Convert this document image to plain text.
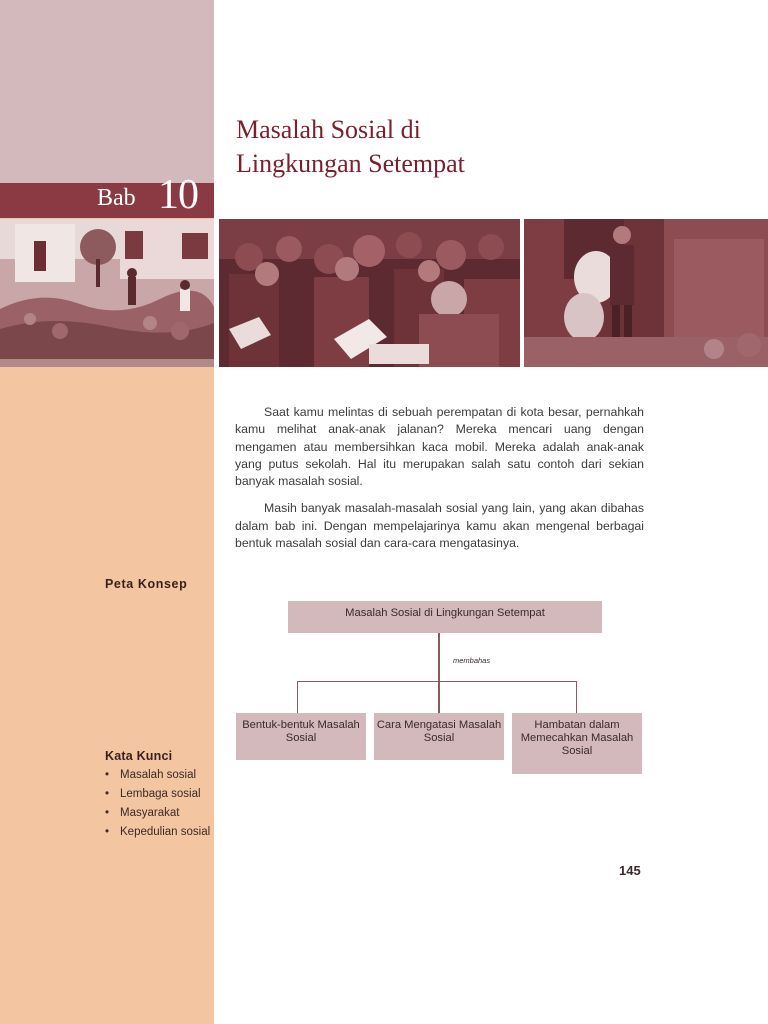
Bab 10
Masalah Sosial di
Lingkungan Setempat

Saat kamu melintas di sebuah perempatan di kota besar, pernahkah kamu melihat anak-anak jalanan? Mereka mencari uang dengan mengamen atau membersihkan kaca mobil. Mereka adalah anak-anak yang putus sekolah. Hal itu merupakan salah satu contoh dari sekian banyak masalah sosial.

Masih banyak masalah-masalah sosial yang lain, yang akan dibahas dalam bab ini. Dengan mempelajarinya kamu akan mengenal berbagai bentuk masalah sosial dan cara-cara mengatasinya.

Peta Konsep
Kata Kunci
• Masalah sosial
• Lembaga sosial
• Masyarakat
• Kepedulian sosial
Masalah Sosial di Lingkungan Setempat
membahas
Bentuk-bentuk Masalah Sosial
Cara Mengatasi Masalah Sosial
Hambatan dalam Memecahkan Masalah Sosial
145
